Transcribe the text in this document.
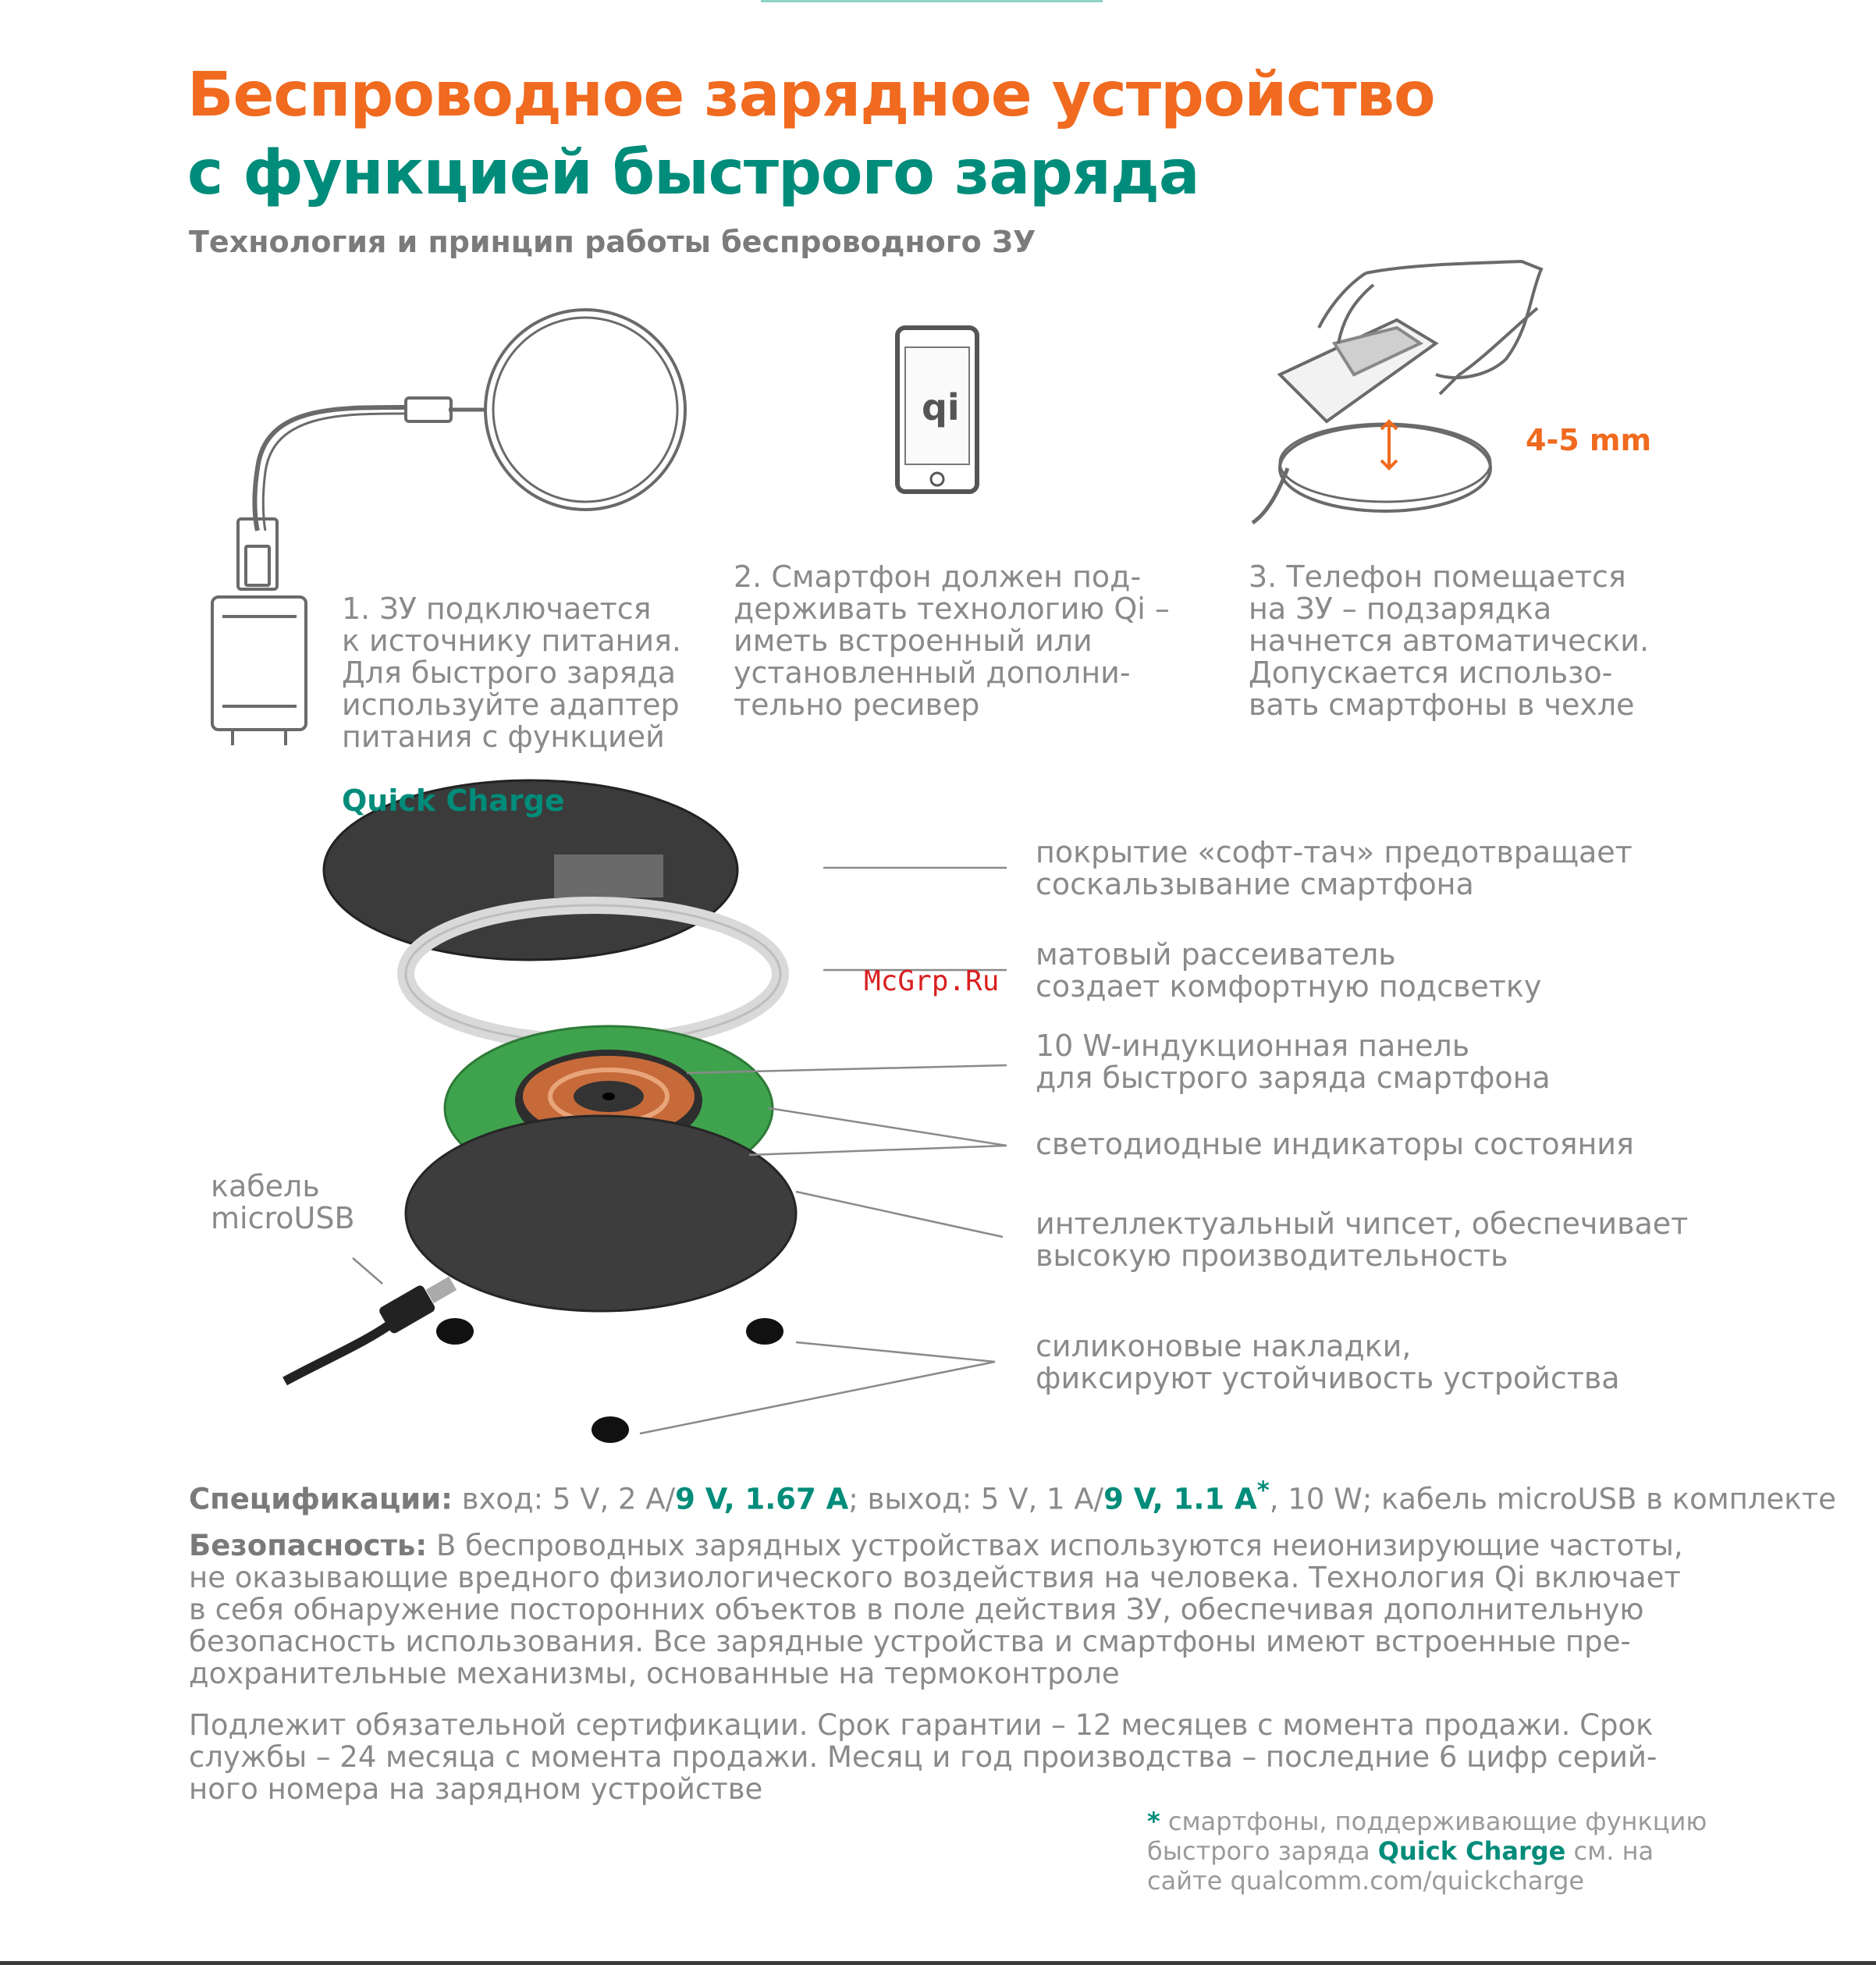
Беспроводное зарядное устройство
с функцией быстрого заряда
Технология и принцип работы беспроводного ЗУ
qi

1. ЗУ подключается
к источнику питания.
Для быстрого заряда
используйте адаптер
питания с функцией

Quick Charge

2. Смартфон должен под-
держивать технологию Qi –
иметь встроенный или
установленный дополни-
тельно ресивер
3. Телефон помещается
на ЗУ – подзарядка
начнется автоматически.
Допускается использо-
вать смартфоны в чехле
4-5 mm
покрытие «софт-тач» предотвращает
соскальзывание смартфона
матовый рассеиватель
создает комфортную подсветку
10 W-индукционная панель
для быстрого заряда смартфона
светодиодные индикаторы состояния
интеллектуальный чипсет, обеспечивает
высокую производительность
силиконовые накладки,
фиксируют устойчивость устройства
кабель
microUSB
McGrp.Ru
Спецификации: вход: 5 V, 2 A/9 V, 1.67 A; выход: 5 V, 1 A/9 V, 1.1 A*, 10 W; кабель microUSB в комплекте
Безопасность: В беспроводных зарядных устройствах используются неионизирующие частоты, не оказывающие вредного физиологического воздействия на человека. Технология Qi включает в себя обнаружение посторонних объектов в поле действия ЗУ, обеспечивая дополнительную безопасность использования. Все зарядные устройства и смартфоны имеют встроенные пре-дохранительные механизмы, основанные на термоконтроле
Подлежит обязательной сертификации. Срок гарантии – 12 месяцев с момента продажи. Срок службы – 24 месяца с момента продажи. Месяц и год производства – последние 6 цифр серий-ного номера на зарядном устройстве
* смартфоны, поддерживающие функцию быстрого заряда Quick Charge см. на сайте qualcomm.com/quickcharge
